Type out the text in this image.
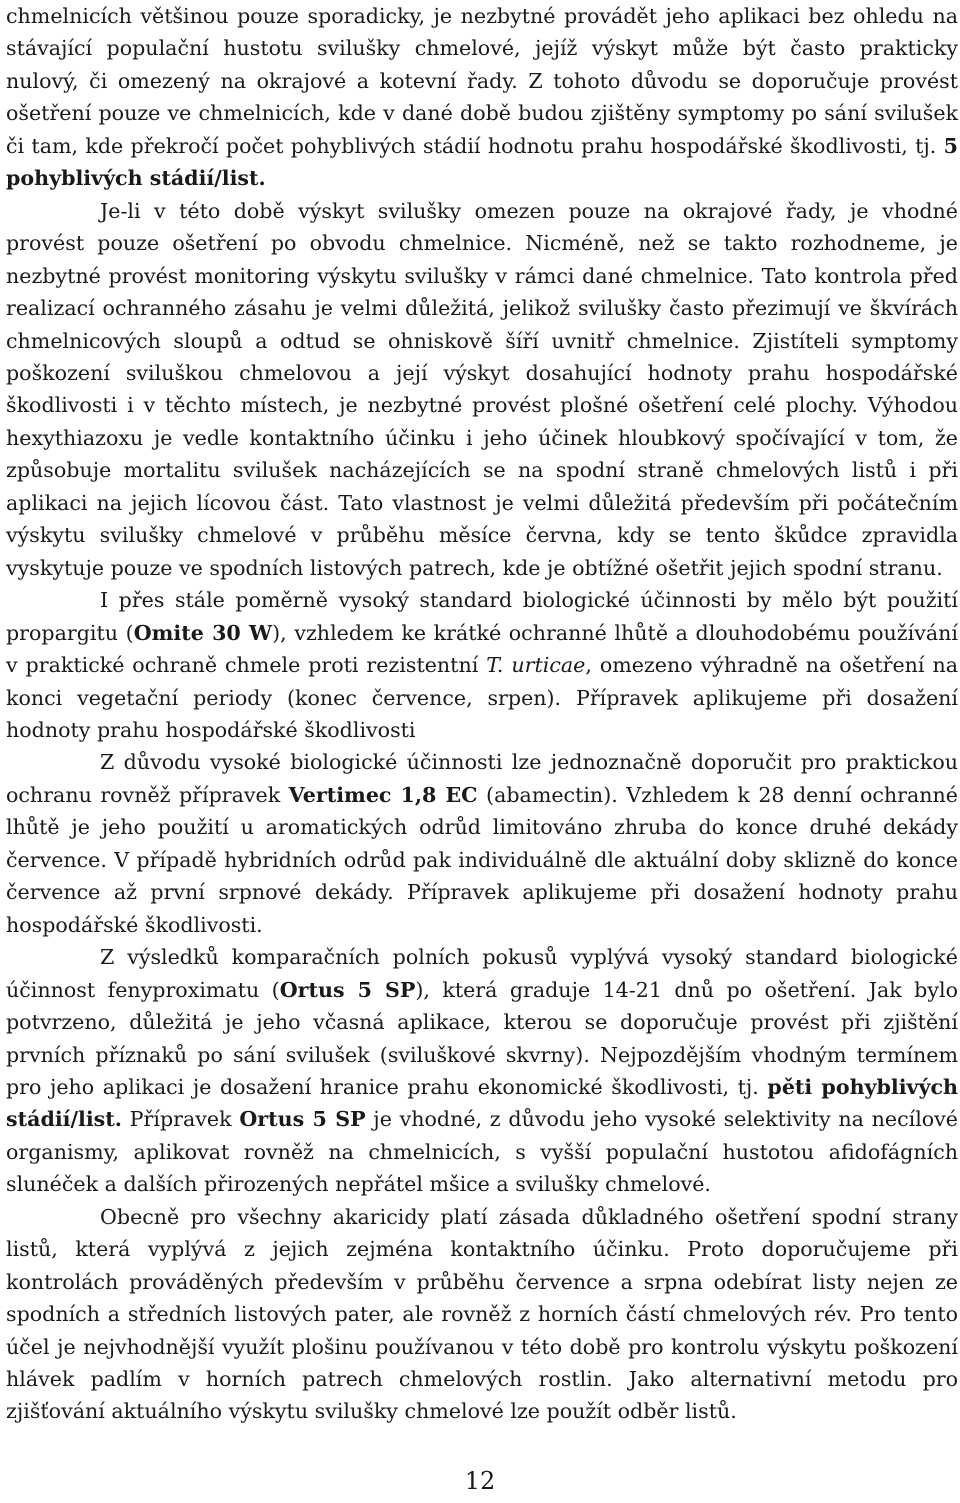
chmelnicích většinou pouze sporadicky, je nezbytné provádět jeho aplikaci bez ohledu na stávající populační hustotu svilušky chmelové, jejíž výskyt může být často prakticky nulový, či omezený na okrajové a kotevní řady. Z tohoto důvodu se doporučuje provést ošetření pouze ve chmelnicích, kde v dané době budou zjištěny symptomy po sání svilušek či tam, kde překročí počet pohyblivých stádií hodnotu prahu hospodářské škodlivosti, tj. 5 pohyblivých stádií/list.

Je-li v této době výskyt svilušky omezen pouze na okrajové řady, je vhodné provést pouze ošetření po obvodu chmelnice. Nicméně, než se takto rozhodneme, je nezbytné provést monitoring výskytu svilušky v rámci dané chmelnice. Tato kontrola před realizací ochranného zásahu je velmi důležitá, jelikož svilušky často přezimují ve škvírách chmelnicových sloupů a odtud se ohniskově šíří uvnitř chmelnice. Zjistíteli symptomy poškození sviluškou chmelovou a její výskyt dosahující hodnoty prahu hospodářské škodlivosti i v těchto místech, je nezbytné provést plošné ošetření celé plochy. Výhodou hexythiazoxu je vedle kontaktního účinku i jeho účinek hloubkový spočívající v tom, že způsobuje mortalitu svilušek nacházejících se na spodní straně chmelových listů i při aplikaci na jejich lícovou část. Tato vlastnost je velmi důležitá především při počátečním výskytu svilušky chmelové v průběhu měsíce června, kdy se tento škůdce zpravidla vyskytuje pouze ve spodních listových patrech, kde je obtížné ošetřit jejich spodní stranu.

I přes stále poměrně vysoký standard biologické účinnosti by mělo být použití propargitu (Omite 30 W), vzhledem ke krátké ochranné lhůtě a dlouhodobému používání v praktické ochraně chmele proti rezistentní T. urticae, omezeno výhradně na ošetření na konci vegetační periody (konec července, srpen). Přípravek aplikujeme při dosažení hodnoty prahu hospodářské škodlivosti

Z důvodu vysoké biologické účinnosti lze jednoznačně doporučit pro praktickou ochranu rovněž přípravek Vertimec 1,8 EC (abamectin). Vzhledem k 28 denní ochranné lhůtě je jeho použití u aromatických odrůd limitováno zhruba do konce druhé dekády července. V případě hybridních odrůd pak individuálně dle aktuální doby sklizně do konce července až první srpnové dekády. Přípravek aplikujeme při dosažení hodnoty prahu hospodářské škodlivosti.

Z výsledků komparačních polních pokusů vyplývá vysoký standard biologické účinnost fenyproximatu (Ortus 5 SP), která graduje 14-21 dnů po ošetření. Jak bylo potvrzeno, důležitá je jeho včasná aplikace, kterou se doporučuje provést při zjištění prvních příznaků po sání svilušek (sviluškové skvrny). Nejpozdějším vhodným termínem pro jeho aplikaci je dosažení hranice prahu ekonomické škodlivosti, tj. pěti pohyblivých stádií/list. Přípravek Ortus 5 SP je vhodné, z důvodu jeho vysoké selektivity na necílové organismy, aplikovat rovněž na chmelnicích, s vyšší populační hustotou afidofágních slunéček a dalších přirozených nepřátel mšice a svilušky chmelové.

Obecně pro všechny akaricidy platí zásada důkladného ošetření spodní strany listů, která vyplývá z jejich zejména kontaktního účinku. Proto doporučujeme při kontrolách prováděných především v průběhu července a srpna odebírat listy nejen ze spodních a středních listových pater, ale rovněž z horních částí chmelových rév. Pro tento účel je nejvhodnější využít plošinu používanou v této době pro kontrolu výskytu poškození hlávek padlím v horních patrech chmelových rostlin. Jako alternativní metodu pro zjišťování aktuálního výskytu svilušky chmelové lze použít odběr listů.

12
